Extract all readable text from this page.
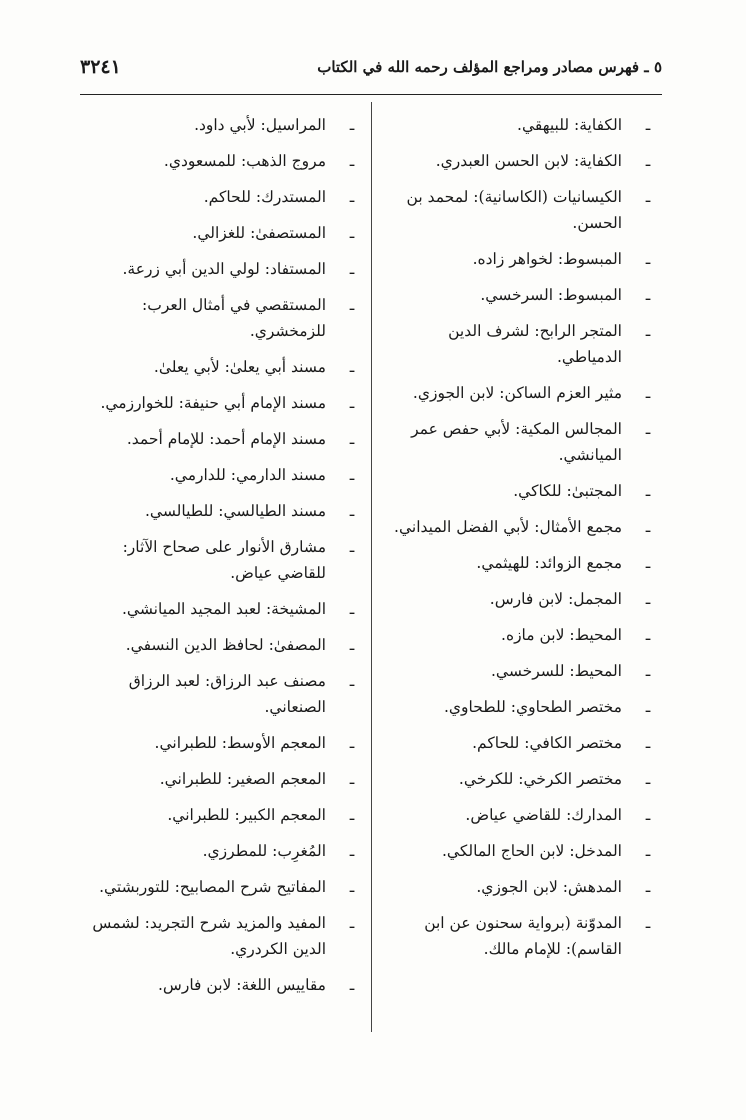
٥ ـ فهرس مصادر ومراجع المؤلف رحمه الله في الكتاب
٣٢٤١
ـ
الكفاية: للبيهقي.
ـ
الكفاية: لابن الحسن العبدري.
ـ
الكيسانيات (الكاسانية): لمحمد بن الحسن.
ـ
المبسوط: لخواهر زاده.
ـ
المبسوط: السرخسي.
ـ
المتجر الرابح: لشرف الدين الدمياطي.
ـ
مثير العزم الساكن: لابن الجوزي.
ـ
المجالس المكية: لأبي حفص عمر الميانشي.
ـ
المجتبىٰ: للكاكي.
ـ
مجمع الأمثال: لأبي الفضل الميداني.
ـ
مجمع الزوائد: للهيثمي.
ـ
المجمل: لابن فارس.
ـ
المحيط: لابن مازه.
ـ
المحيط: للسرخسي.
ـ
مختصر الطحاوي: للطحاوي.
ـ
مختصر الكافي: للحاكم.
ـ
مختصر الكرخي: للكرخي.
ـ
المدارك: للقاضي عياض.
ـ
المدخل: لابن الحاج المالكي.
ـ
المدهش: لابن الجوزي.
ـ
المدوّنة (برواية سحنون عن ابن القاسم): للإمام مالك.
ـ
المراسيل: لأبي داود.
ـ
مروج الذهب: للمسعودي.
ـ
المستدرك: للحاكم.
ـ
المستصفىٰ: للغزالي.
ـ
المستفاد: لولي الدين أبي زرعة.
ـ
المستقصي في أمثال العرب: للزمخشري.
ـ
مسند أبي يعلىٰ: لأبي يعلىٰ.
ـ
مسند الإمام أبي حنيفة: للخوارزمي.
ـ
مسند الإمام أحمد: للإمام أحمد.
ـ
مسند الدارمي: للدارمي.
ـ
مسند الطيالسي: للطيالسي.
ـ
مشارق الأنوار على صحاح الآثار: للقاضي عياض.
ـ
المشيخة: لعبد المجيد الميانشي.
ـ
المصفىٰ: لحافظ الدين النسفي.
ـ
مصنف عبد الرزاق: لعبد الرزاق الصنعاني.
ـ
المعجم الأوسط: للطبراني.
ـ
المعجم الصغير: للطبراني.
ـ
المعجم الكبير: للطبراني.
ـ
المُغرِب: للمطرزي.
ـ
المفاتيح شرح المصابيح: للتوربشتي.
ـ
المفيد والمزيد شرح التجريد: لشمس الدين الكردري.
ـ
مقاييس اللغة: لابن فارس.
